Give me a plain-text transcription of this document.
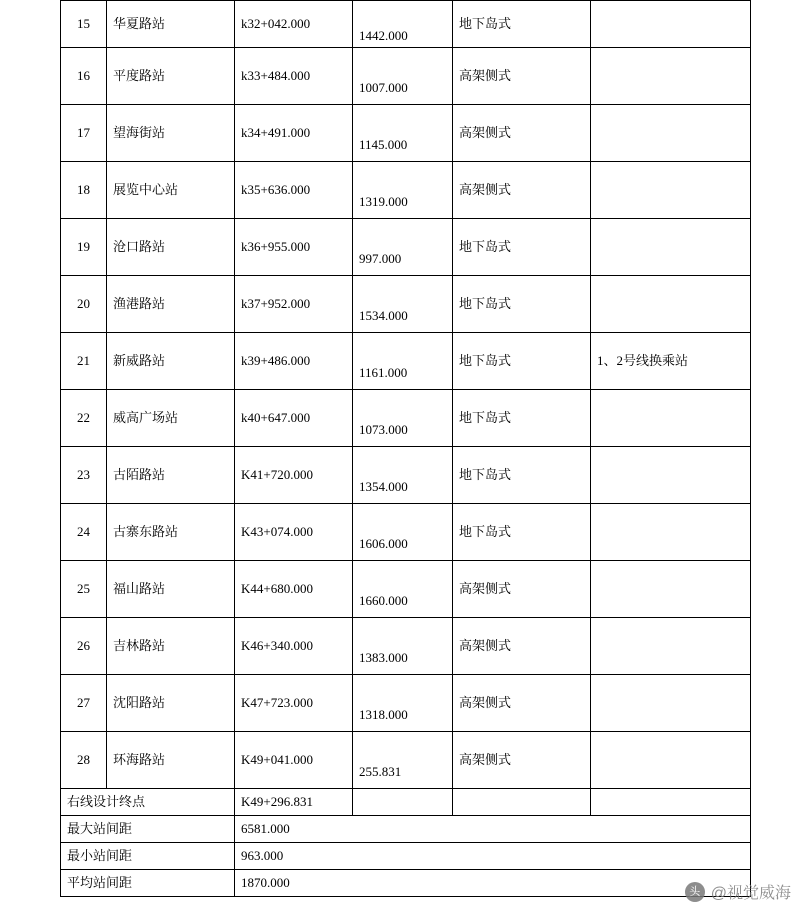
15	华夏路站	k32+042.000	1442.000	地下岛式	
16	平度路站	k33+484.000	1007.000	高架侧式	
17	望海街站	k34+491.000	1145.000	高架侧式	
18	展览中心站	k35+636.000	1319.000	高架侧式	
19	沧口路站	k36+955.000	997.000	地下岛式	
20	渔港路站	k37+952.000	1534.000	地下岛式	
21	新威路站	k39+486.000	1161.000	地下岛式	1、2号线换乘站
22	威高广场站	k40+647.000	1073.000	地下岛式	
23	古陌路站	K41+720.000	1354.000	地下岛式	
24	古寨东路站	K43+074.000	1606.000	地下岛式	
25	福山路站	K44+680.000	1660.000	高架侧式	
26	吉林路站	K46+340.000	1383.000	高架侧式	
27	沈阳路站	K47+723.000	1318.000	高架侧式	
28	环海路站	K49+041.000	255.831	高架侧式	
右线设计终点		K49+296.831			
最大站间距		6581.000			
最小站间距		963.000			
平均站间距		1870.000			
头条
@视觉威海
